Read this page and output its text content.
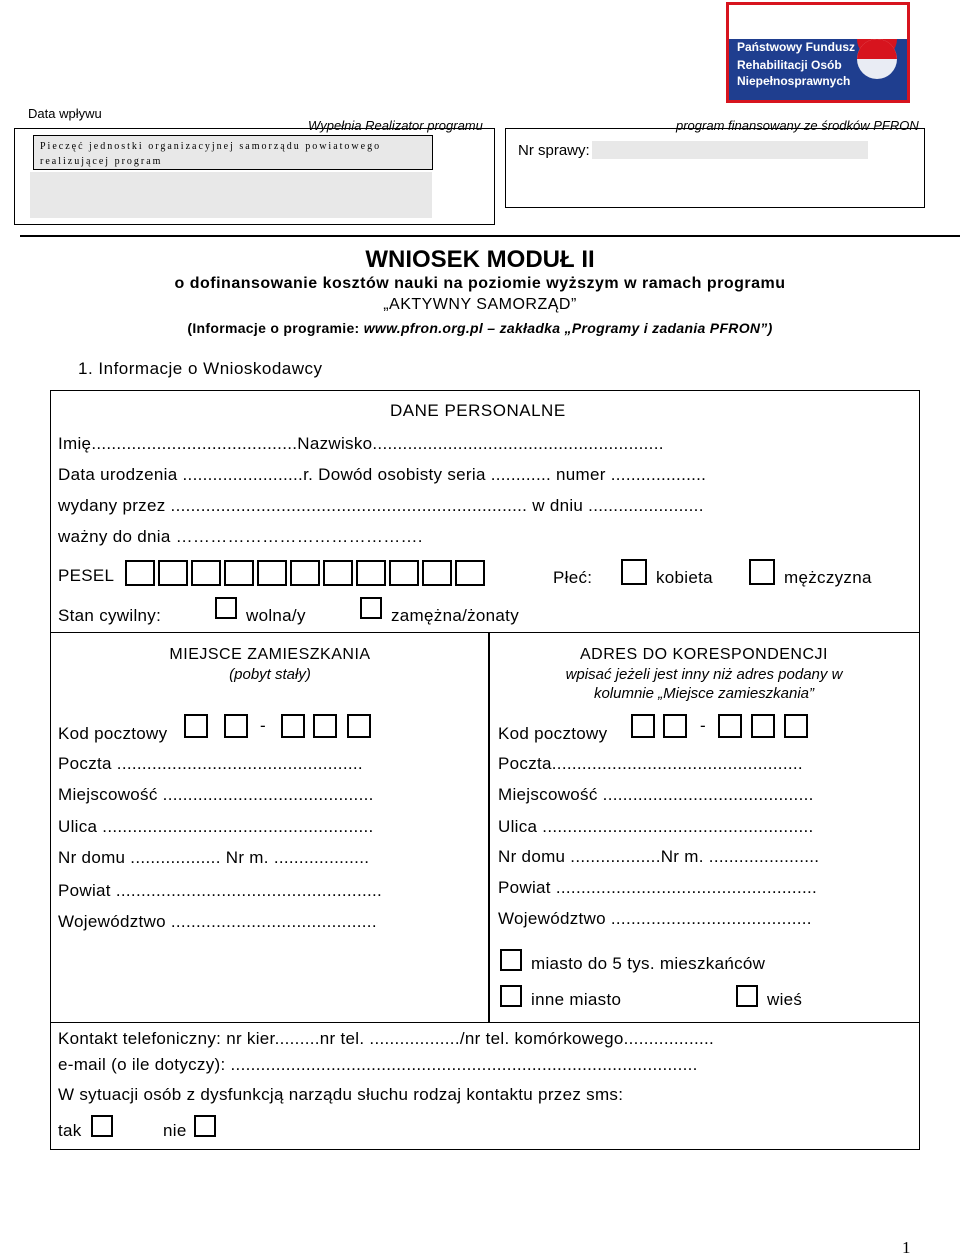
Państwowy Fundusz
Rehabilitacji Osób
Niepełnosprawnych
Data wpływu
Wypełnia Realizator programu	program finansowany ze środków PFRON
Pieczęć jednostki organizacyjnej samorządu powiatowego realizującej program
Nr sprawy:
WNIOSEK MODUŁ II
o dofinansowanie kosztów nauki na poziomie wyższym w ramach programu
„AKTYWNY SAMORZĄD”
(Informacje o programie: www.pfron.org.pl – zakładka „Programy i zadania PFRON”)
1. Informacje o Wnioskodawcy
DANE PERSONALNE
Imię.........................................Nazwisko..........................................................
Data urodzenia ........................r. Dowód osobisty seria ............ numer ...................
wydany przez ....................................................................... w dniu .......................
ważny do dnia …………………………………….
PESEL	Płeć:	kobieta	mężczyzna
Stan cywilny:	wolna/y	zamężna/żonaty
MIEJSCE ZAMIESZKANIA
(pobyt stały)
Kod pocztowy	-
Poczta .................................................
Miejscowość ..........................................
Ulica ......................................................
Nr domu .................. Nr m. ...................
Powiat .....................................................
Województwo .........................................
ADRES DO KORESPONDENCJI
wpisać jeżeli jest inny niż adres podany w
kolumnie „Miejsce zamieszkania”
Kod pocztowy	-
Poczta..................................................
Miejscowość ..........................................
Ulica ......................................................
Nr domu ..................Nr m. ......................
Powiat ....................................................
Województwo ........................................
miasto do 5 tys. mieszkańców
inne miasto	wieś
Kontakt telefoniczny: nr kier.........nr tel. ................../nr tel. komórkowego..................
e-mail (o ile dotyczy): .............................................................................................
W sytuacji osób z dysfunkcją narządu słuchu rodzaj kontaktu przez sms:
tak	nie
1
